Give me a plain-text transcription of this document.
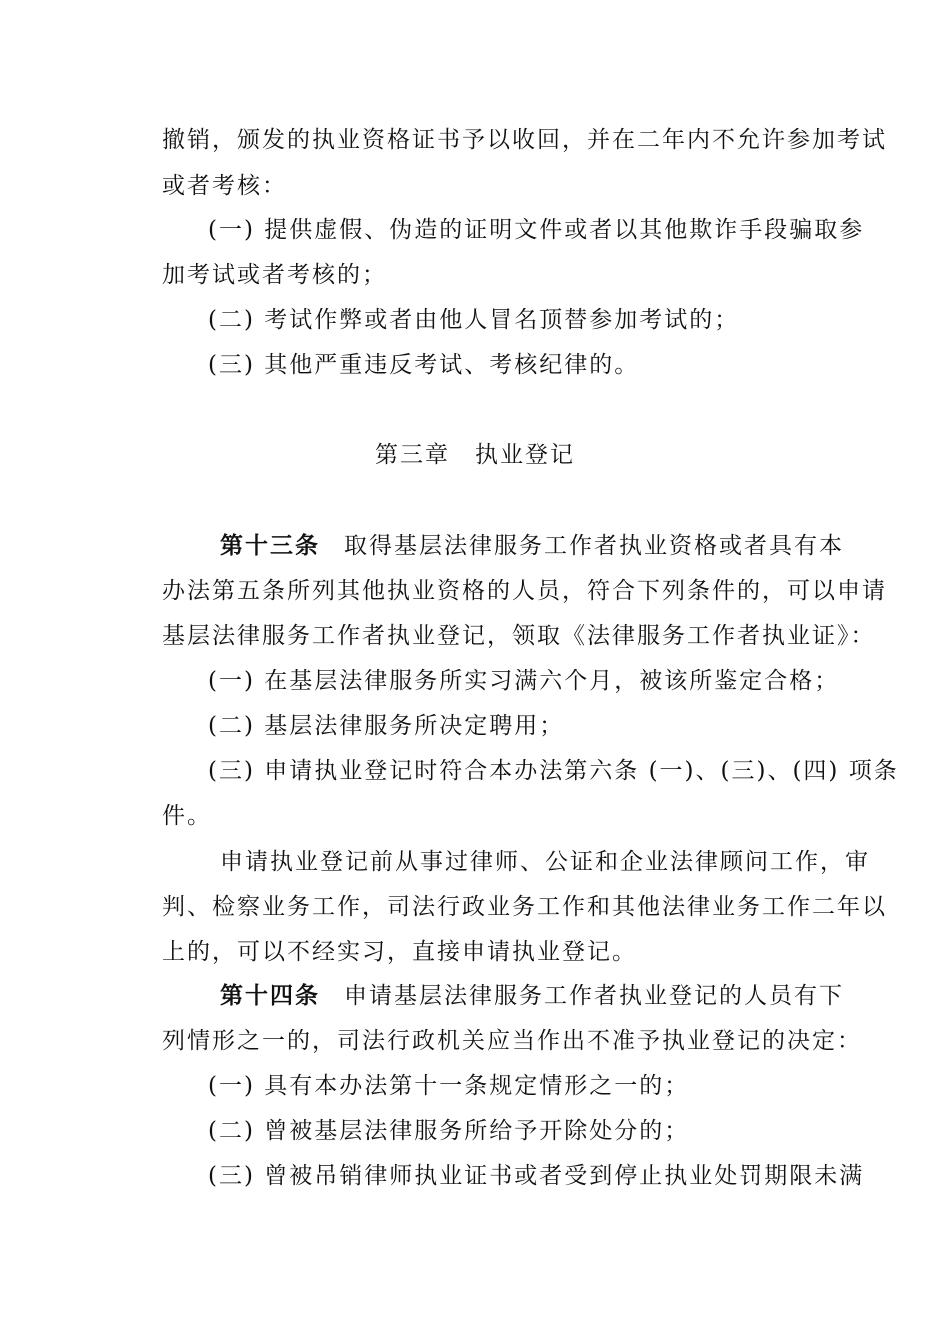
撤销，颁发的执业资格证书予以收回，并在二年内不允许参加考试
或者考核：
(一) 提供虚假、伪造的证明文件或者以其他欺诈手段骗取参
加考试或者考核的；
(二) 考试作弊或者由他人冒名顶替参加考试的；
(三) 其他严重违反考试、考核纪律的。
第三章　执业登记
第十三条 取得基层法律服务工作者执业资格或者具有本
办法第五条所列其他执业资格的人员，符合下列条件的，可以申请
基层法律服务工作者执业登记，领取《法律服务工作者执业证》：
(一) 在基层法律服务所实习满六个月，被该所鉴定合格；
(二) 基层法律服务所决定聘用；
(三) 申请执业登记时符合本办法第六条 (一)、(三)、(四) 项条
件。
申请执业登记前从事过律师、公证和企业法律顾问工作，审
判、检察业务工作，司法行政业务工作和其他法律业务工作二年以
上的，可以不经实习，直接申请执业登记。
第十四条 申请基层法律服务工作者执业登记的人员有下
列情形之一的，司法行政机关应当作出不准予执业登记的决定：
(一) 具有本办法第十一条规定情形之一的；
(二) 曾被基层法律服务所给予开除处分的；
(三) 曾被吊销律师执业证书或者受到停止执业处罚期限未满
